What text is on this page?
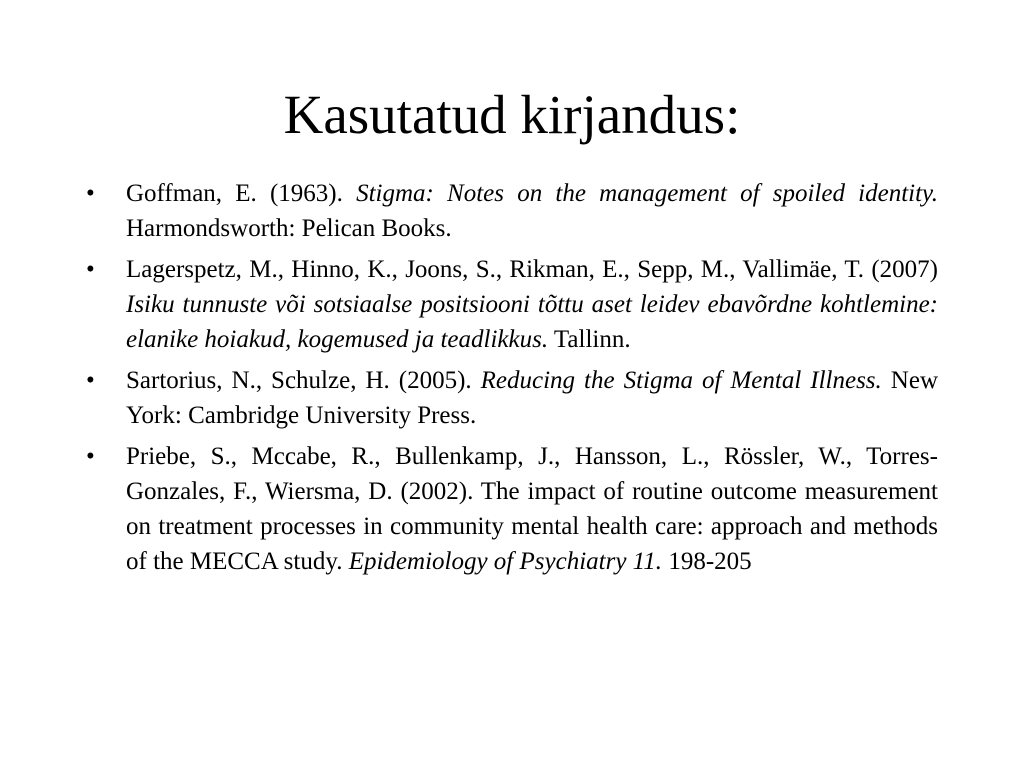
Kasutatud kirjandus:
•	Goffman, E. (1963). Stigma: Notes on the management of spoiled identity. Harmondsworth: Pelican Books.
•	Lagerspetz, M., Hinno, K., Joons, S., Rikman, E., Sepp, M., Vallimäe, T. (2007) Isiku tunnuste või sotsiaalse positsiooni tõttu aset leidev ebavõrdne kohtlemine: elanike hoiakud, kogemused ja teadlikkus. Tallinn.
•	Sartorius, N., Schulze, H. (2005). Reducing the Stigma of Mental Illness. New York: Cambridge University Press.
•	Priebe, S., Mccabe, R., Bullenkamp, J., Hansson, L., Rössler, W., Torres-Gonzales, F., Wiersma, D. (2002). The impact of routine outcome measurement on treatment processes in community mental health care: approach and methods of the MECCA study. Epidemiology of Psychiatry 11. 198-205
